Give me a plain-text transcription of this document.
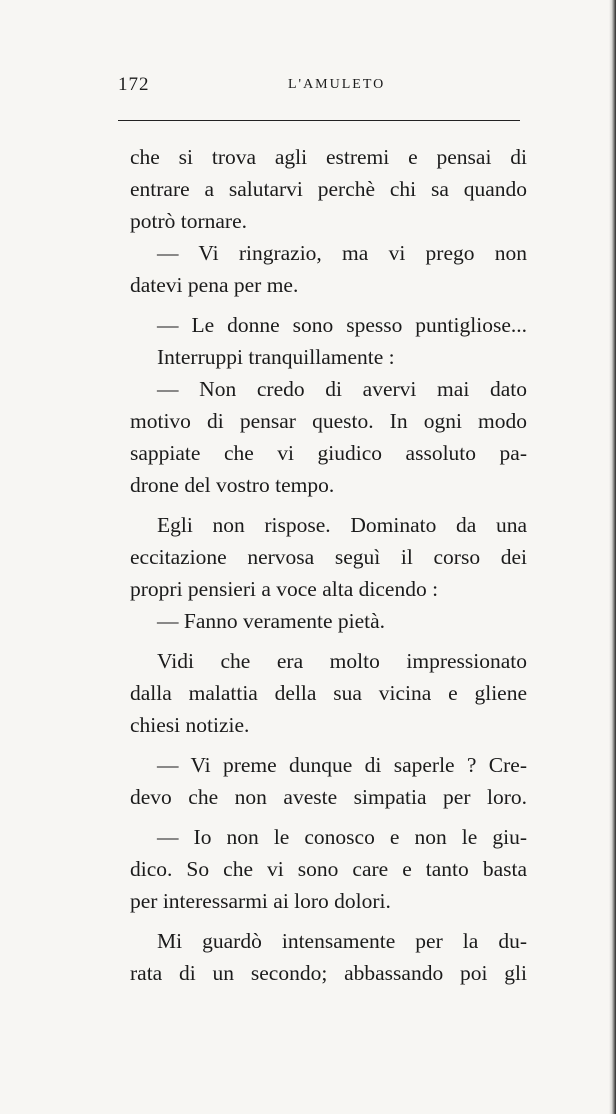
172	L'AMULETO
che si trova agli estremi e pensai di
entrare a salutarvi perchè chi sa quando
potrò tornare.
— Vi ringrazio, ma vi prego non
datevi pena per me.
— Le donne sono spesso puntigliose...
Interruppi tranquillamente :
— Non credo di avervi mai dato
motivo di pensar questo. In ogni modo
sappiate che vi giudico assoluto pa-
drone del vostro tempo.
Egli non rispose. Dominato da una
eccitazione nervosa seguì il corso dei
propri pensieri a voce alta dicendo :
— Fanno veramente pietà.
Vidi che era molto impressionato
dalla malattia della sua vicina e gliene
chiesi notizie.
— Vi preme dunque di saperle ? Cre-
devo che non aveste simpatia per loro.
— Io non le conosco e non le giu-
dico. So che vi sono care e tanto basta
per interessarmi ai loro dolori.
Mi guardò intensamente per la du-
rata di un secondo; abbassando poi gli
